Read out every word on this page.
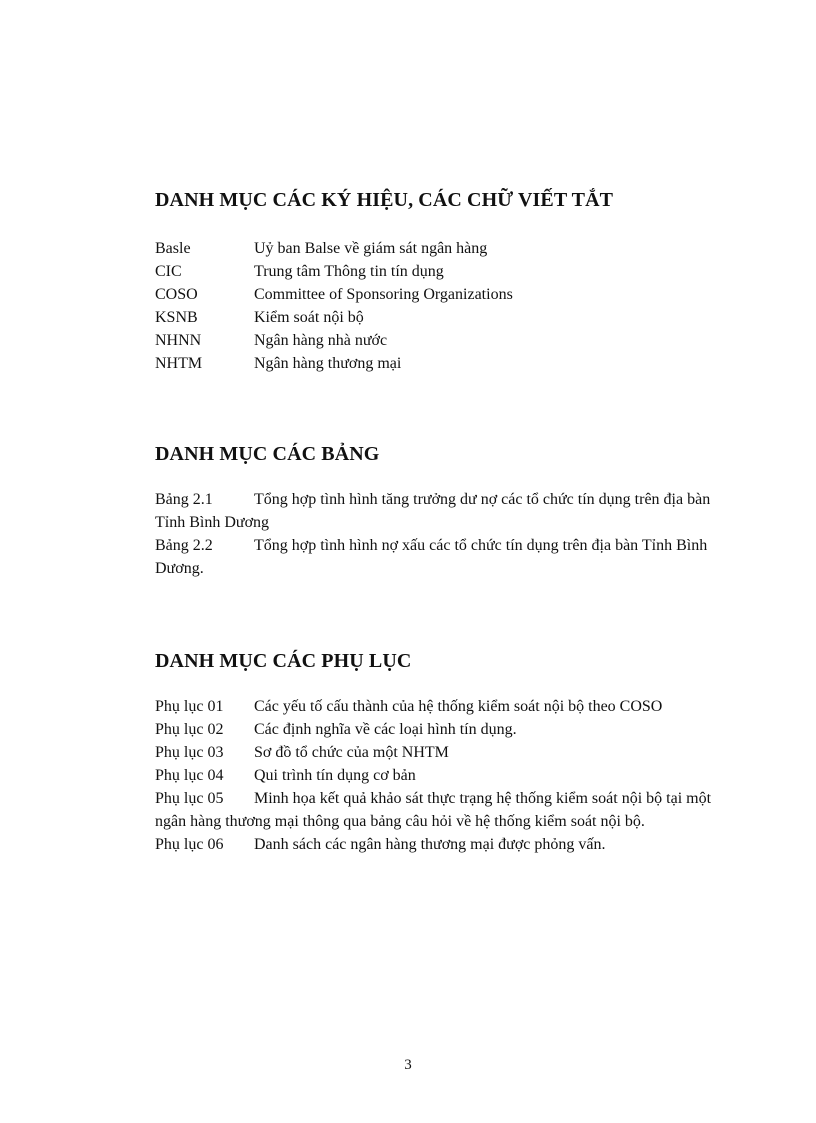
DANH MỤC CÁC KÝ HIỆU, CÁC CHỮ VIẾT TẮT
Basle	Uỷ ban Balse về giám sát ngân hàng
CIC	Trung tâm Thông tin tín dụng
COSO	Committee of Sponsoring Organizations
KSNB	Kiểm soát nội bộ
NHNN	Ngân hàng nhà nước
NHTM	Ngân hàng thương mại
DANH MỤC CÁC BẢNG
Bảng 2.1	Tổng hợp tình hình tăng trưởng dư nợ các tổ chức tín dụng trên địa bàn Tỉnh Bình Dương
Bảng 2.2	Tổng hợp tình hình nợ xấu các tổ chức tín dụng trên địa bàn Tỉnh Bình Dương.
DANH MỤC CÁC PHỤ LỤC
Phụ lục 01 Các yếu tố cấu thành của hệ thống kiểm soát nội bộ theo COSO
Phụ lục 02 Các định nghĩa về các loại hình tín dụng.
Phụ lục 03 Sơ đồ tổ chức của một NHTM
Phụ lục 04 Qui trình tín dụng cơ bản
Phụ lục 05 Minh họa kết quả khảo sát thực trạng hệ thống kiểm soát nội bộ tại một ngân hàng thương mại thông qua bảng câu hỏi về hệ thống kiểm soát nội bộ.
Phụ lục 06 Danh sách các ngân hàng thương mại được phỏng vấn.
3
